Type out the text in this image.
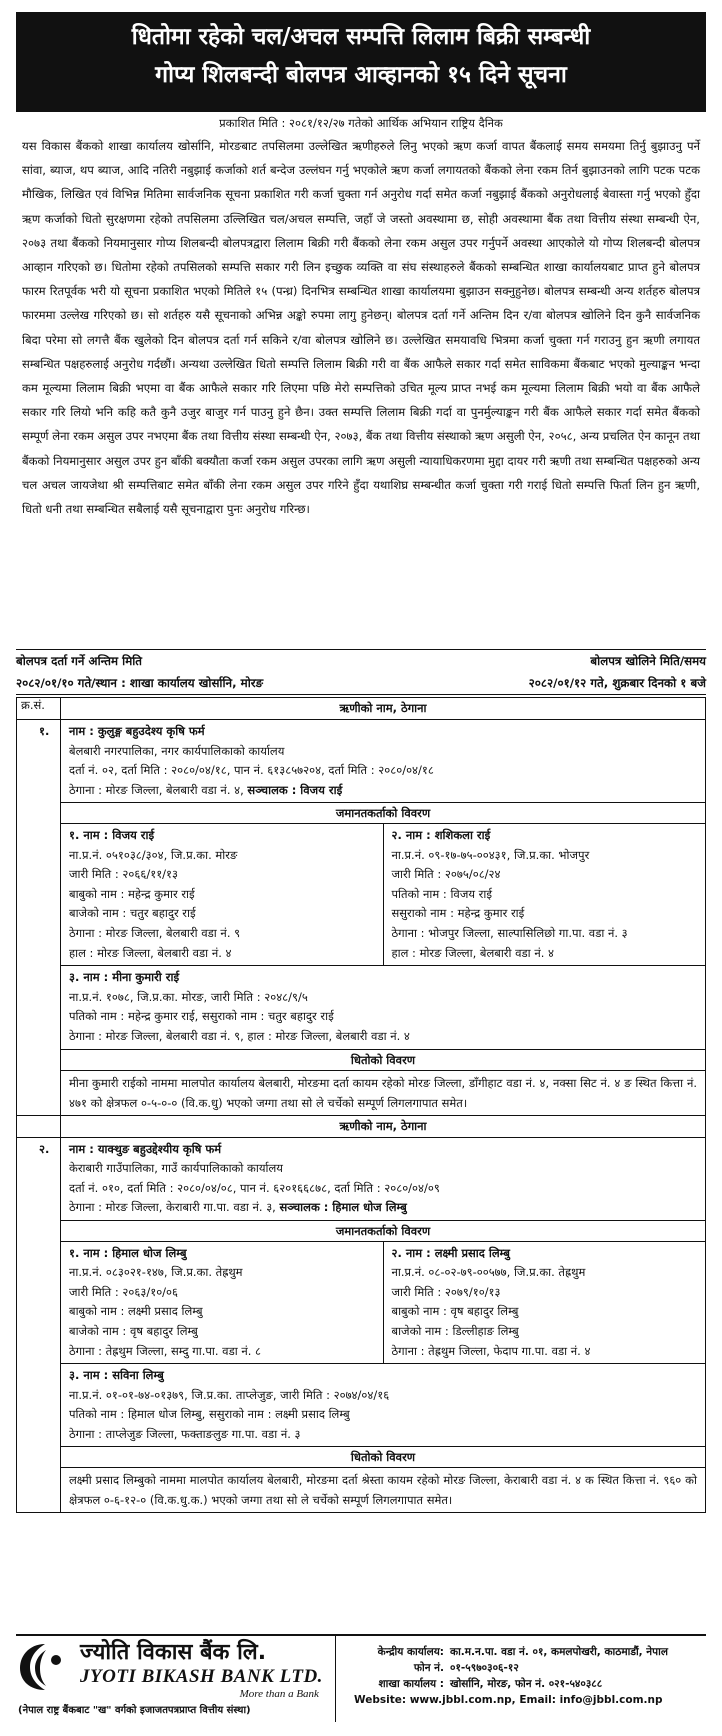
धितोमा रहेको चल/अचल सम्पत्ति लिलाम बिक्री सम्बन्धी
गोप्य शिलबन्दी बोलपत्र आव्हानको १५ दिने सूचना
प्रकाशित मिति : २०८१/१२/२७ गतेको आर्थिक अभियान राष्ट्रिय दैनिक
यस विकास बैंकको शाखा कार्यालय खोर्सानि, मोरङबाट तपसिलमा उल्लेखित ऋणीहरुले लिनु भएको ऋण कर्जा वापत बैंकलाई समय समयमा तिर्नु बुझाउनु पर्ने सांवा, ब्याज, थप ब्याज, आदि नतिरी नबुझाई कर्जाको शर्त बन्देज उल्लंघन गर्नु भएकोले ऋण कर्जा लगायतको बैंकको लेना रकम तिर्न बुझाउनको लागि पटक पटक मौखिक, लिखित एवं विभिन्न मितिमा सार्वजनिक सूचना प्रकाशित गरी कर्जा चुक्ता गर्न अनुरोध गर्दा समेत कर्जा नबुझाई बैंकको अनुरोधलाई बेवास्ता गर्नु भएको हुँदा ऋण कर्जाको धितो सुरक्षणमा रहेको तपसिलमा उल्लिखित चल/अचल सम्पत्ति, जहाँ जे जस्तो अवस्थामा छ, सोही अवस्थामा बैंक तथा वित्तीय संस्था सम्बन्धी ऐन, २०७३ तथा बैंकको नियमानुसार गोप्य शिलबन्दी बोलपत्रद्वारा लिलाम बिक्री गरी बैंकको लेना रकम असुल उपर गर्नुपर्ने अवस्था आएकोले यो गोप्य शिलबन्दी बोलपत्र आव्हान गरिएको छ। धितोमा रहेको तपसिलको सम्पत्ति सकार गरी लिन इच्छुक व्यक्ति वा संघ संस्थाहरुले बैंकको सम्बन्धित शाखा कार्यालयबाट प्राप्त हुने बोलपत्र फारम रितपूर्वक भरी यो सूचना प्रकाशित भएको मितिले १५ (पन्ध्र) दिनभित्र सम्बन्धित शाखा कार्यालयमा बुझाउन सक्नुहुनेछ। बोलपत्र सम्बन्धी अन्य शर्तहरु बोलपत्र फारममा उल्लेख गरिएको छ। सो शर्तहरु यसै सूचनाको अभिन्न अङ्को रुपमा लागु हुनेछन्। बोलपत्र दर्ता गर्ने अन्तिम दिन र/वा बोलपत्र खोलिने दिन कुनै सार्वजनिक बिदा परेमा सो लगत्तै बैंक खुलेको दिन बोलपत्र दर्ता गर्न सकिने र/वा बोलपत्र खोलिने छ। उल्लेखित समयावधि भित्रमा कर्जा चुक्ता गर्न गराउनु हुन ऋणी लगायत सम्बन्धित पक्षहरुलाई अनुरोध गर्दछौं। अन्यथा उल्लेखित धितो सम्पत्ति लिलाम बिक्री गरी वा बैंक आफैले सकार गर्दा समेत साविकमा बैंकबाट भएको मुल्याङ्कन भन्दा कम मूल्यमा लिलाम बिक्री भएमा वा बैंक आफैले सकार गरि लिएमा पछि मेरो सम्पत्तिको उचित मूल्य प्राप्त नभई कम मूल्यमा लिलाम बिक्री भयो वा बैंक आफैले सकार गरि लियो भनि कहि कतै कुनै उजुर बाजुर गर्न पाउनु हुने छैन। उक्त सम्पत्ति लिलाम बिक्री गर्दा वा पुनर्मुल्याङ्कन गरी बैंक आफैले सकार गर्दा समेत बैंकको सम्पूर्ण लेना रकम असुल उपर नभएमा बैंक तथा वित्तीय संस्था सम्बन्धी ऐन, २०७३, बैंक तथा वित्तीय संस्थाको ऋण असुली ऐन, २०५८, अन्य प्रचलित ऐन कानून तथा बैंकको नियमानुसार असुल उपर हुन बाँकी बक्यौता कर्जा रकम असुल उपरका लागि ऋण असुली न्यायाधिकरणमा मुद्दा दायर गरी ऋणी तथा सम्बन्धित पक्षहरुको अन्य चल अचल जायजेथा श्री सम्पत्तिबाट समेत बाँकी लेना रकम असुल उपर गरिने हुँदा यथाशिघ्र सम्बन्धीत कर्जा चुक्ता गरी गराई धितो सम्पत्ति फिर्ता लिन हुन ऋणी, धितो धनी तथा सम्बन्धित सबैलाई यसै सूचनाद्वारा पुनः अनुरोध गरिन्छ।
बोलपत्र दर्ता गर्ने अन्तिम मिति	बोलपत्र खोलिने मिति/समय
२०८२/०१/१० गते/स्थान : शाखा कार्यालय खोर्सानि, मोरङ	२०८२/०१/१२ गते, शुक्रबार दिनको १ बजे
क्र.सं.	ऋणीको नाम, ठेगाना
१.	नाम : कुलुङ्ग बहुउदेश्य कृषि फर्म
बेलबारी नगरपालिका, नगर कार्यपालिकाको कार्यालय
दर्ता नं. ०२, दर्ता मिति : २०८०/०४/१८, पान नं. ६१३८५७२०४, दर्ता मिति : २०८०/०४/१८
ठेगाना : मोरङ जिल्ला, बेलबारी वडा नं. ४, सञ्चालक : विजय राई
जमानतकर्ताको विवरण
१. नाम : विजय राई
ना.प्र.नं. ०५१०३८/३०४, जि.प्र.का. मोरङ
जारी मिति : २०६६/११/१३
बाबुको नाम : महेन्द्र कुमार राई
बाजेको नाम : चतुर बहादुर राई
ठेगाना : मोरङ जिल्ला, बेलबारी वडा नं. ९
हाल : मोरङ जिल्ला, बेलबारी वडा नं. ४
२. नाम : शशिकला राई
ना.प्र.नं. ०९-१७-७५-००४३१, जि.प्र.का. भोजपुर
जारी मिति : २०७५/०८/२४
पतिको नाम : विजय राई
ससुराको नाम : महेन्द्र कुमार राई
ठेगाना : भोजपुर जिल्ला, साल्पासिलिछो गा.पा. वडा नं. ३
हाल : मोरङ जिल्ला, बेलबारी वडा नं. ४
३. नाम : मीना कुमारी राई
ना.प्र.नं. १०७८, जि.प्र.का. मोरङ, जारी मिति : २०४८/९/५
पतिको नाम : महेन्द्र कुमार राई, ससुराको नाम : चतुर बहादुर राई
ठेगाना : मोरङ जिल्ला, बेलबारी वडा नं. ९, हाल : मोरङ जिल्ला, बेलबारी वडा नं. ४
धितोको विवरण
मीना कुमारी राईको नाममा मालपोत कार्यालय बेलबारी, मोरङमा दर्ता कायम रहेको मोरङ जिल्ला, डाँगीहाट वडा नं. ४, नक्सा सिट नं. ४ ङ स्थित कित्ता नं. ४७१ को क्षेत्रफल ०-५-०-० (वि.क.धु) भएको जग्गा तथा सो ले चर्चेको सम्पूर्ण लिगलगापात समेत।
ऋणीको नाम, ठेगाना
२.	नाम : याक्थुङ बहुउद्देश्यीय कृषि फर्म
केराबारी गाउँपालिका, गाउँ कार्यपालिकाको कार्यालय
दर्ता नं. ०१०, दर्ता मिति : २०८०/०४/०८, पान नं. ६२०१६६८७८, दर्ता मिति : २०८०/०४/०९
ठेगाना : मोरङ जिल्ला, केराबारी गा.पा. वडा नं. ३, सञ्चालक : हिमाल धोज लिम्बु
जमानतकर्ताको विवरण
१. नाम : हिमाल धोज लिम्बु
ना.प्र.नं. ०८३०२१-१४७, जि.प्र.का. तेह्रथुम
जारी मिति : २०६३/१०/०६
बाबुको नाम : लक्ष्मी प्रसाद लिम्बु
बाजेको नाम : वृष बहादुर लिम्बु
ठेगाना : तेह्रथुम जिल्ला, सम्दु गा.पा. वडा नं. ८
२. नाम : लक्ष्मी प्रसाद लिम्बु
ना.प्र.नं. ०८-०२-७९-००५७७, जि.प्र.का. तेह्रथुम
जारी मिति : २०७९/१०/१३
बाबुको नाम : वृष बहादुर लिम्बु
बाजेको नाम : डिल्लीहाङ लिम्बु
ठेगाना : तेह्रथुम जिल्ला, फेदाप गा.पा. वडा नं. ४
३. नाम : सविना लिम्बु
ना.प्र.नं. ०१-०१-७४-०१३७९, जि.प्र.का. ताप्लेजुङ, जारी मिति : २०७४/०४/१६
पतिको नाम : हिमाल धोज लिम्बु, ससुराको नाम : लक्ष्मी प्रसाद लिम्बु
ठेगाना : ताप्लेजुङ जिल्ला, फक्ताङलुङ गा.पा. वडा नं. ३
धितोको विवरण
लक्ष्मी प्रसाद लिम्बुको नाममा मालपोत कार्यालय बेलबारी, मोरङमा दर्ता श्रेस्ता कायम रहेको मोरङ जिल्ला, केराबारी वडा नं. ४ क स्थित कित्ता नं. ९६० को क्षेत्रफल ०-६-१२-० (वि.क.धु.क.) भएको जग्गा तथा सो ले चर्चेको सम्पूर्ण लिगलगापात समेत।
ज्योति विकास बैंक लि.
JYOTI BIKASH BANK LTD.
More than a Bank
(नेपाल राष्ट्र बैंकबाट "ख" वर्गको इजाजतपत्रप्राप्त वित्तीय संस्था)
केन्द्रीय कार्यालय: का.म.न.पा. वडा नं. ०१, कमलपोखरी, काठमाडौं, नेपाल
फोन नं. ०१-५९७०३०६-१२
शाखा कार्यालय : खोर्सानि, मोरङ, फोन नं. ०२१-५४०३८८
Website: www.jbbl.com.np, Email: info@jbbl.com.np
